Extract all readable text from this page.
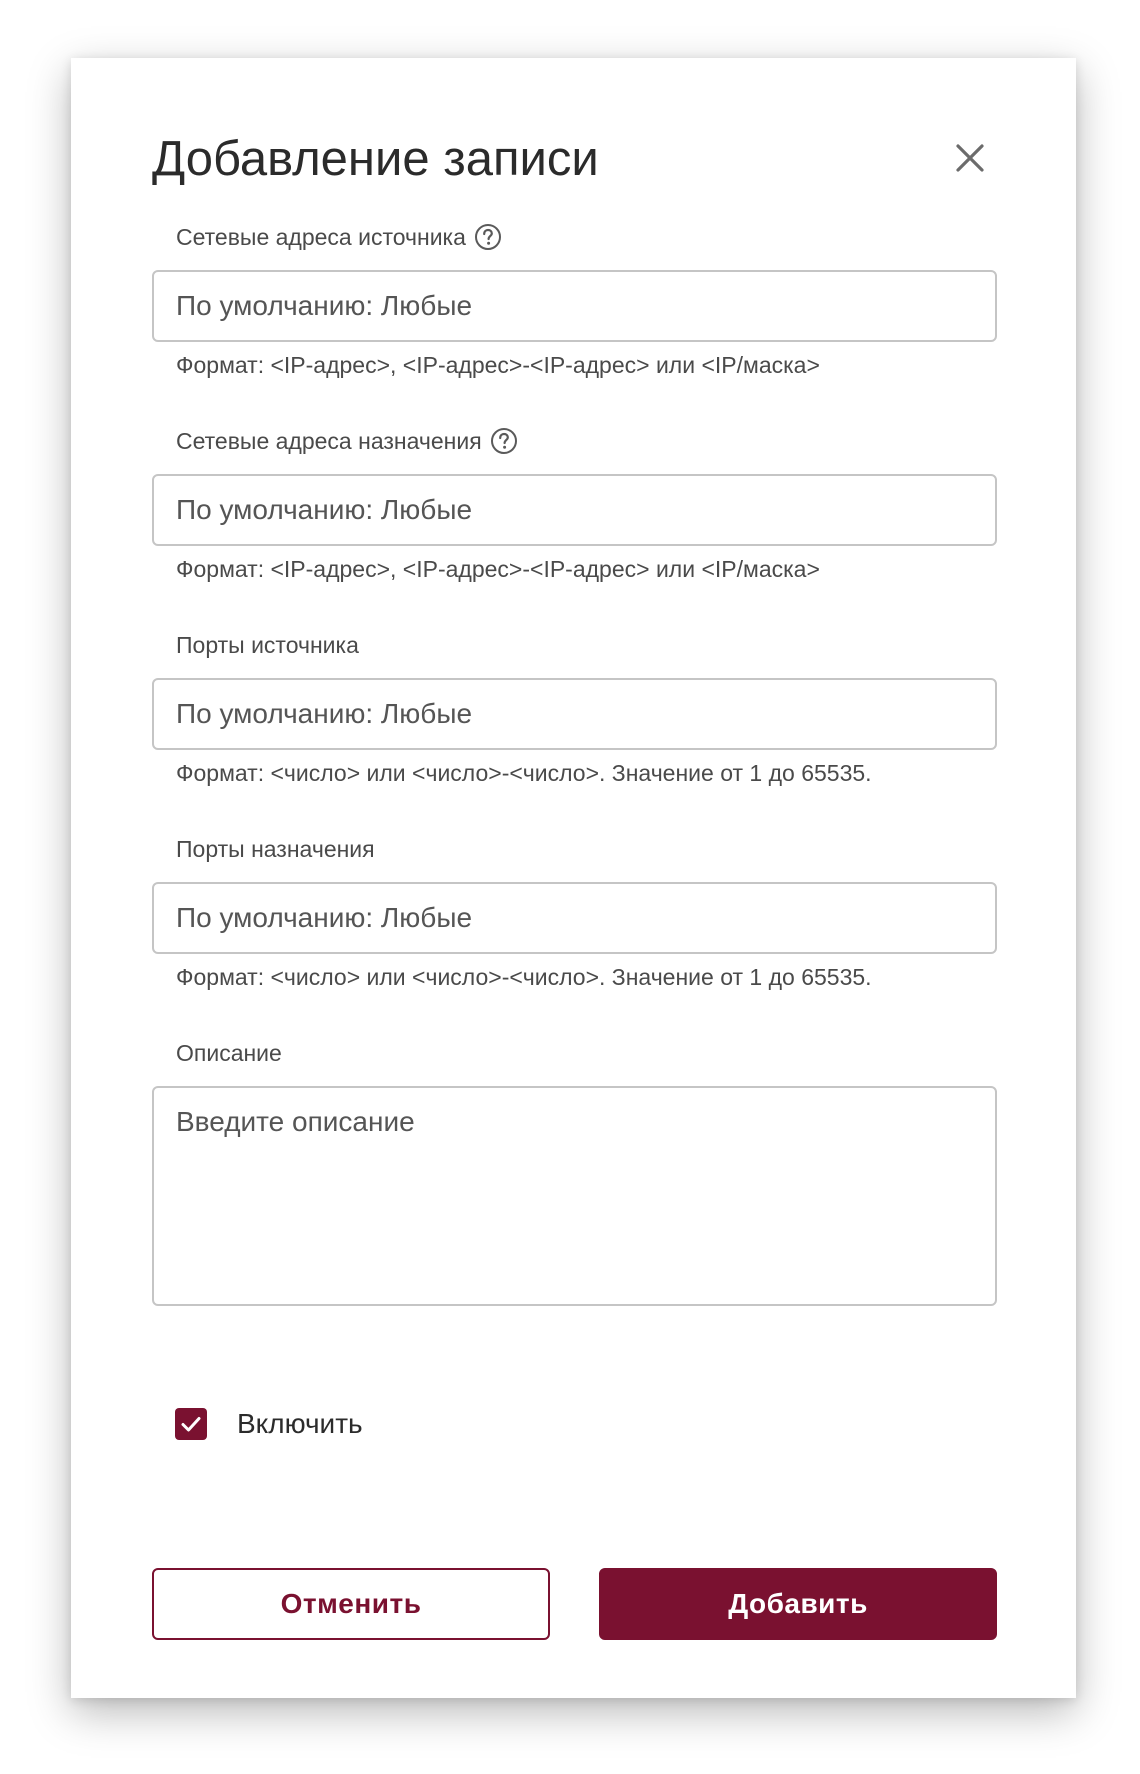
Добавление записи
Сетевые адреса источника
По умолчанию: Любые
Формат: <IP-адрес>, <IP-адрес>-<IP-адрес> или <IP/маска>
Сетевые адреса назначения
По умолчанию: Любые
Формат: <IP-адрес>, <IP-адрес>-<IP-адрес> или <IP/маска>
Порты источника
По умолчанию: Любые
Формат: <число> или <число>-<число>. Значение от 1 до 65535.
Порты назначения
По умолчанию: Любые
Формат: <число> или <число>-<число>. Значение от 1 до 65535.
Описание
Введите описание
Включить
Отменить	Добавить
